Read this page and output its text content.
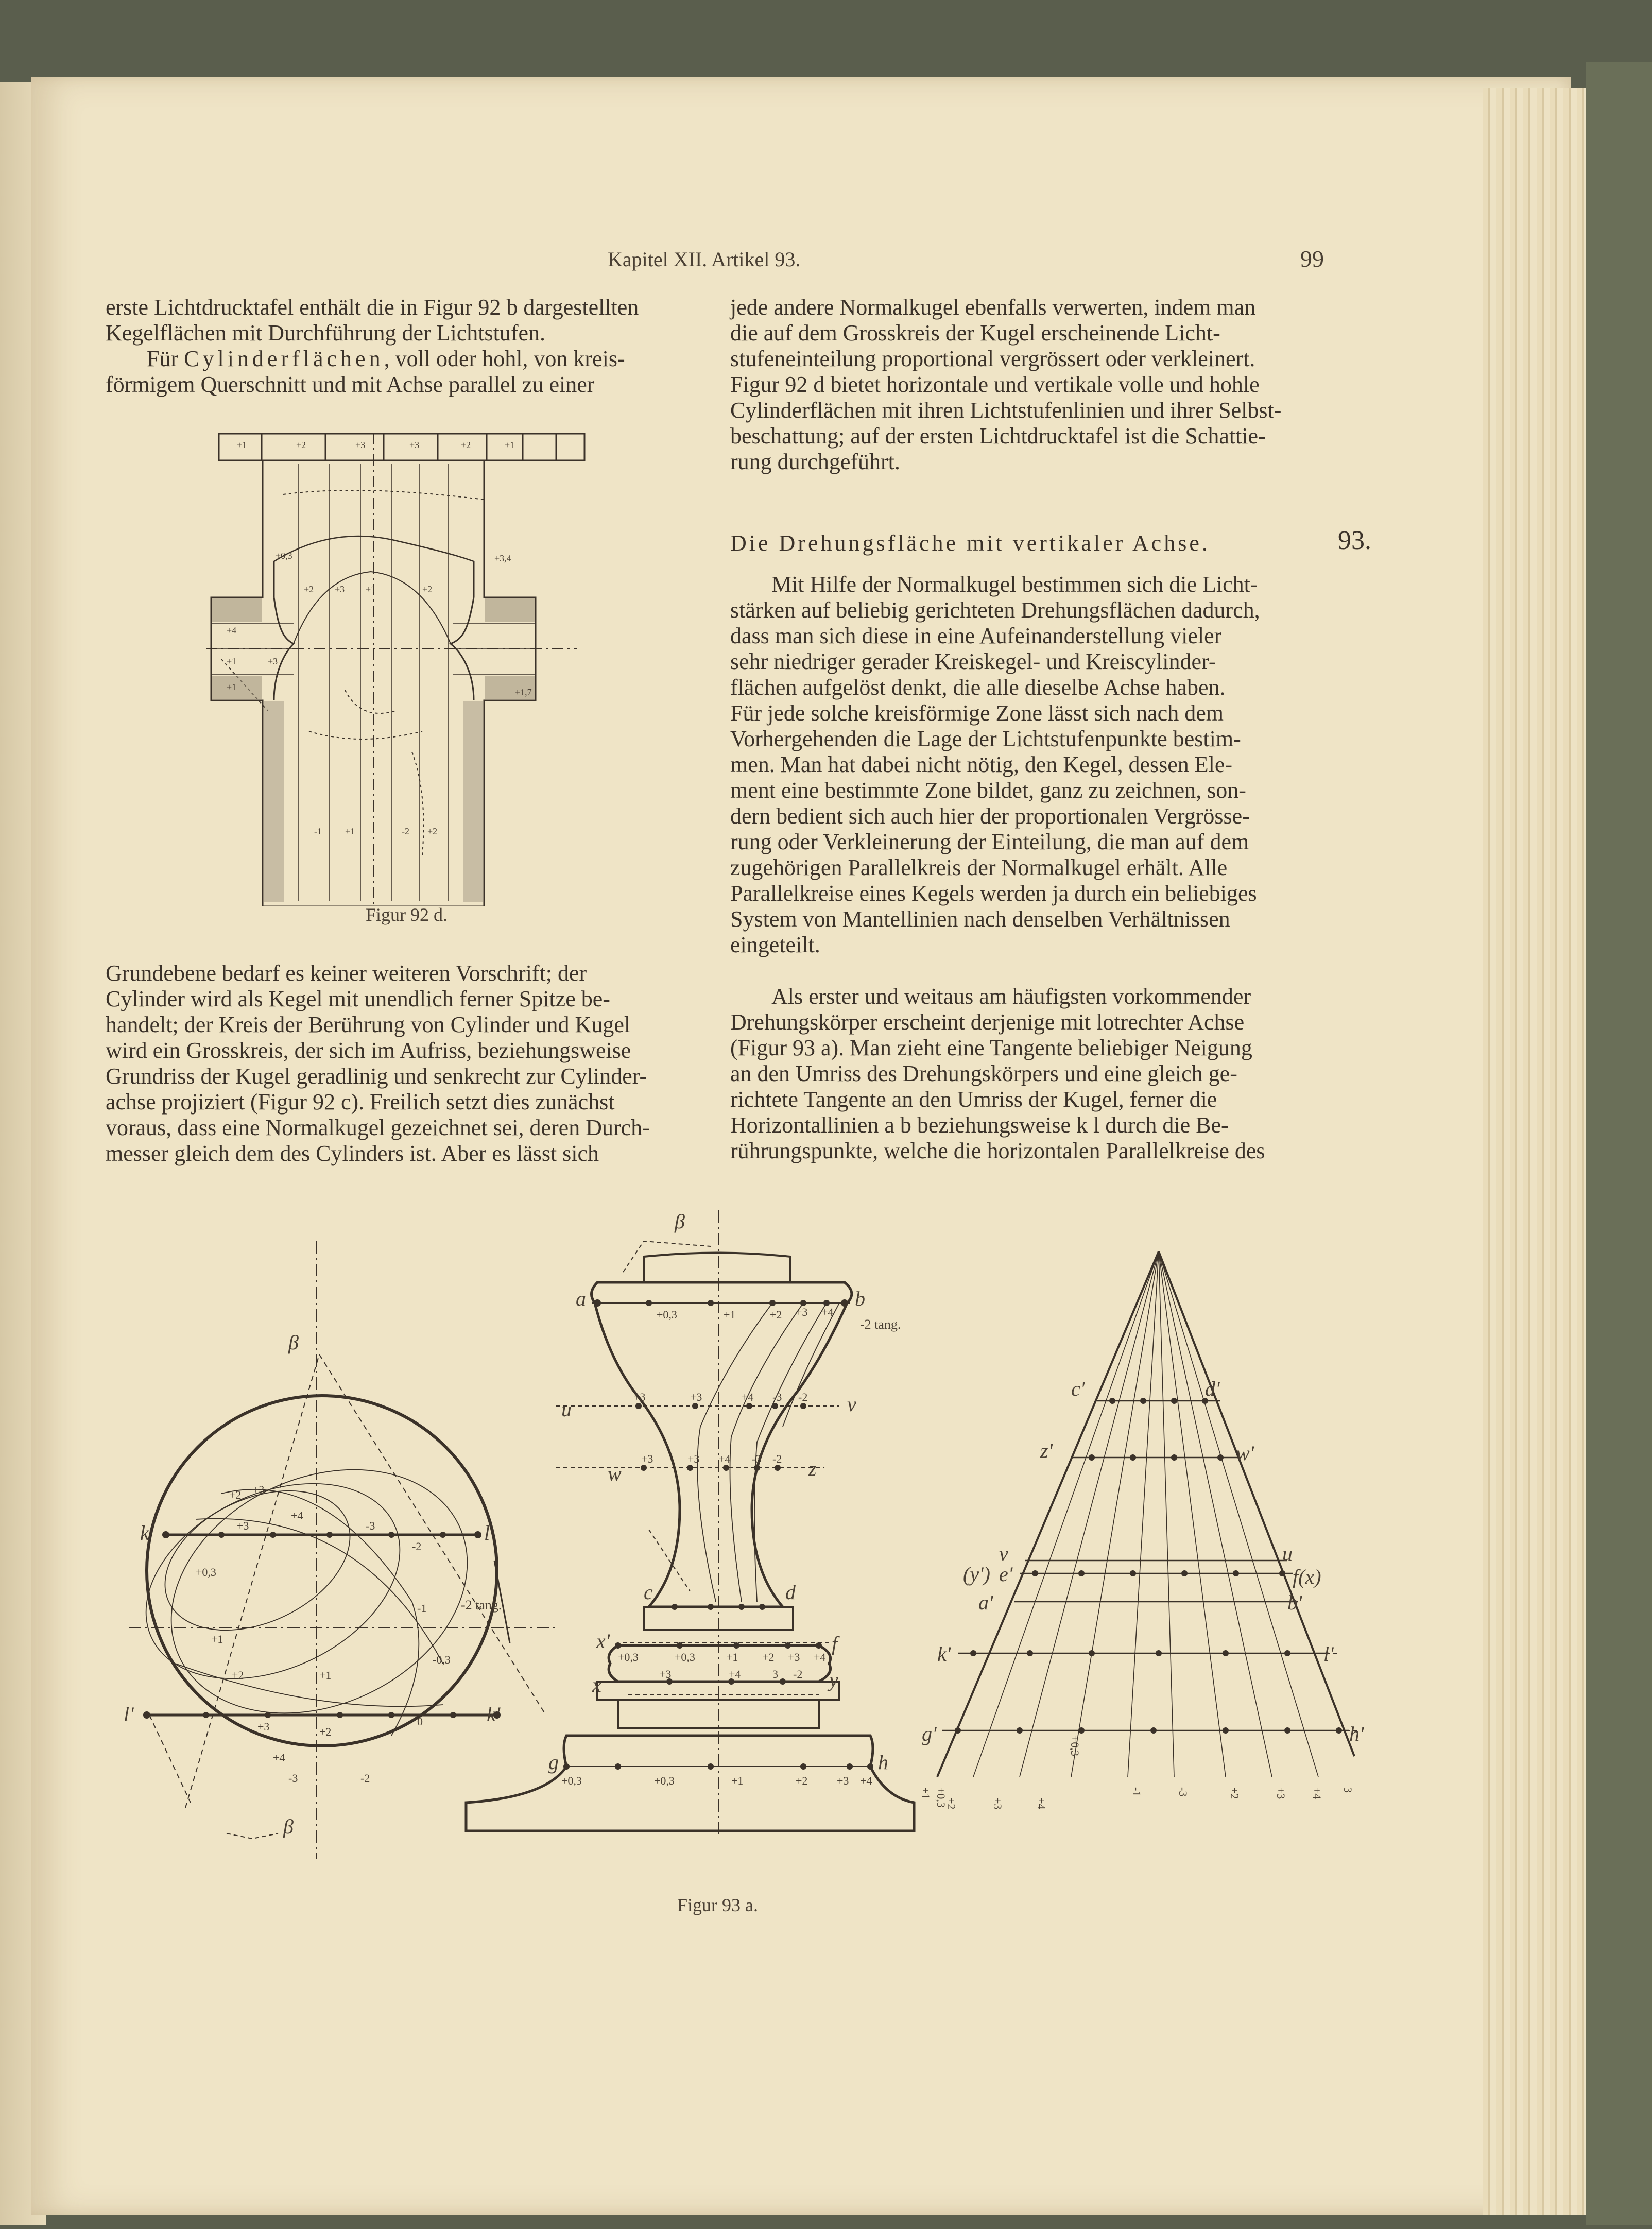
Kapitel XII. Artikel 93.	99

erste Lichtdrucktafel enthält die in Figur 92 b dargestellten

Kegelflächen mit Durchführung der Lichtstufen.

Für Cylinderflächen, voll oder hohl, von kreis-

förmigem Querschnitt und mit Achse parallel zu einer

+1	+2	+3	+3	+2	+1
+0,3
+2 +3 +1	+2
+4
+1
+1
+3
+1,7
-1	+1	-2 +2
+3,4
Figur 92 d.

Grundebene bedarf es keiner weiteren Vorschrift; der

Cylinder wird als Kegel mit unendlich ferner Spitze be-

handelt; der Kreis der Berührung von Cylinder und Kugel

wird ein Grosskreis, der sich im Aufriss, beziehungsweise

Grundriss der Kugel geradlinig und senkrecht zur Cylinder-

achse projiziert (Figur 92 c). Freilich setzt dies zunächst

voraus, dass eine Normalkugel gezeichnet sei, deren Durch-

messer gleich dem des Cylinders ist. Aber es lässt sich

jede andere Normalkugel ebenfalls verwerten, indem man

die auf dem Grosskreis der Kugel erscheinende Licht-

stufeneinteilung proportional vergrössert oder verkleinert.

Figur 92 d bietet horizontale und vertikale volle und hohle

Cylinderflächen mit ihren Lichtstufenlinien und ihrer Selbst-

beschattung; auf der ersten Lichtdrucktafel ist die Schattie-

rung durchgeführt.

Die Drehungsfläche mit vertikaler Achse.	93.

Mit Hilfe der Normalkugel bestimmen sich die Licht-

stärken auf beliebig gerichteten Drehungsflächen dadurch,

dass man sich diese in eine Aufeinanderstellung vieler

sehr niedriger gerader Kreiskegel- und Kreiscylinder-

flächen aufgelöst denkt, die alle dieselbe Achse haben.

Für jede solche kreisförmige Zone lässt sich nach dem

Vorhergehenden die Lage der Lichtstufenpunkte bestim-

men. Man hat dabei nicht nötig, den Kegel, dessen Ele-

ment eine bestimmte Zone bildet, ganz zu zeichnen, son-

dern bedient sich auch hier der proportionalen Vergrösse-

rung oder Verkleinerung der Einteilung, die man auf dem

zugehörigen Parallelkreis der Normalkugel erhält. Alle

Parallelkreise eines Kegels werden ja durch ein beliebiges

System von Mantellinien nach denselben Verhältnissen

eingeteilt.

Als erster und weitaus am häufigsten vorkommender

Drehungskörper erscheint derjenige mit lotrechter Achse

(Figur 93 a). Man zieht eine Tangente beliebiger Neigung

an den Umriss des Drehungskörpers und eine gleich ge-

richtete Tangente an den Umriss der Kugel, ferner die

Horizontallinien a b beziehungsweise k l durch die Be-

rührungspunkte, welche die horizontalen Parallelkreise des

β
β
k	l
l'	k'
-2 tang.
+2 +3
+3
+4
-3
-2
+0,3
+1
-1
+2
-0,3
+1
+3	+2
+4
-3	-2
0
β
a	b
u	v
w	z
c	d
x'	f
x	y
g	h
-2 tang.
+0,3	+1	+2 +3 +4
+3	+3	+4 -3 -2
+3	+3 +4 -3 -2
+0,3	+0,3	+1 +2 +3 +4
+3	+4	3 -2
+0,3	+0,3	+1	+2	+3 +4
c'	d'
z'	w'
v	u
(y') e'	f(x)
a'	b'
k'	l'
g'	h'
+1 +0,3
+2	+3	+4
+0,3
-1	-3	+2	+3 +4 3
Figur 93 a.
